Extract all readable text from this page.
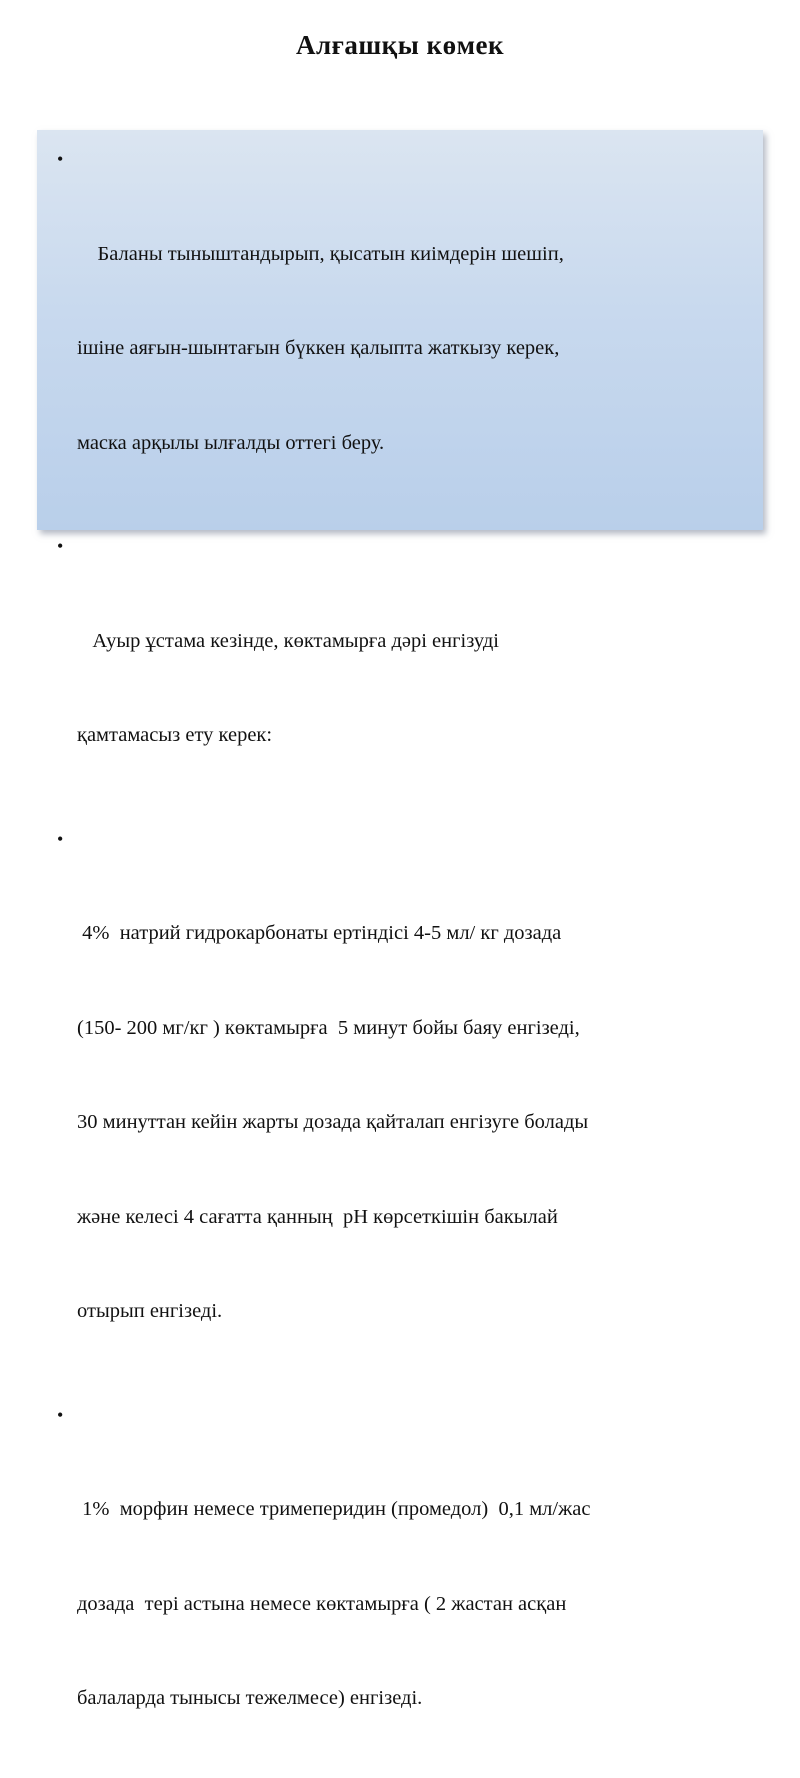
Алғашқы көмек

•

Баланы тыныштандырып, қысатын киімдерін шешіп,

ішіне аяғын-шынтағын бүккен қалыпта жаткызу керек,

маска арқылы ылғалды оттегі беру.

•

Ауыр ұстама кезінде, көктамырға дәрі енгізуді

қамтамасыз ету керек:

•

4%  натрий гидрокарбонаты ертіндісі 4-5 мл/ кг дозада

(150- 200 мг/кг ) көктамырға  5 минут бойы баяу енгізеді,

30 минуттан кейін жарты дозада қайталап енгізуге болады

және келесі 4 сағатта қанның  pH көрсеткішін бакылай

отырып енгізеді.

•

1%  морфин немесе тримеперидин (промедол)  0,1 мл/жас

дозада  тері астына немесе көктамырға ( 2 жастан асқан

балаларда тынысы тежелмесе) енгізеді.
